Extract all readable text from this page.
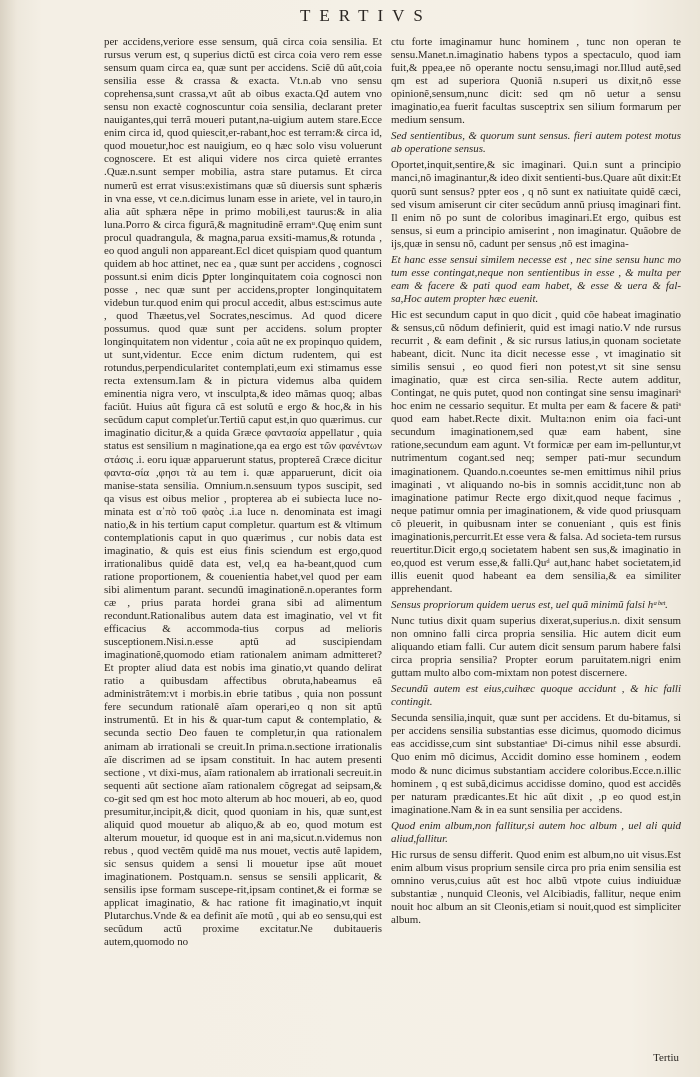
TERTIVS

per accidens,veriore esse sensum, quã circa coia sensilia. Et rursus verum est, q superius dictũ est circa coia vero rem esse sensum quam circa ea, quæ sunt per accidens. Sciẽ dũ aũt,coia sensilia esse & crassa & exacta. Vt.n.ab vno sensu coprehensa,sunt crassa,vt aũt ab oibus exacta.Qđ autem vno sensu non exactè cognoscuntur coia sensilia, declarant preter nauigantes,qui terrã moueri putant,na-uigium autem stare.Ecce enim circa id, quod quiescit,er-rabant,hoc est terram:& circa id, quod mouetur,hoc est nauigium, eo q hæc solo visu voluerunt cognoscere. Et est aliqui videre nos circa quietè errantes .Quæ.n.sunt semper mobilia, astra stare putamus. Et circa numerũ est errat visus:existimans quæ sũ diuersis sunt sphæris in vna esse, vt ce.n.dicimus lunam esse in ariete, vel in tauro,in alia aũt sphæra nẽpe in primo mobili,est taurus:& in alia luna.Porro & circa figurã,& magnitudinẽ erramᵘ.Quę enim sunt procul quadrangula, & magna,parua exsiti-mamus,& rotunda , eo quod anguli non appareant.Ecl dicet quispiam quod quantum quidem ab hoc attinet, nec ea , quæ sunt per accidens , cognosci possunt.si enim dicis ꝑpter longinquitatem coia cognosci non posse , nec quæ sunt per accidens,propter longinquitatem videbun tur.quod enim qui procul accedit, albus est:scimus aute , quod Thæetus,vel Socrates,nescimus. Ad quod dicere possumus. quod quæ sunt per accidens. solum propter longinquitatem non videntur , coia aũt ne ex propinquo quidem, ut sunt,videntur. Ecce enim dictum rudentem, qui est rotundus,perpendicularitet contemplati,eum exi stimamus esse recta extensum.Iam & in pictura videmus alba quidem eminentia nigra vero, vt insculpta,& ideo mãmas quoq; albas faciũt. Huius aũt figura cã est solutũ e ergo & hoc,& in his secũdum caput compleťur.Tertiũ caput est,in quo quærimus. cur imaginatio dicitur,& a quida Græce φαντασία appellatur , quia status est sensilium n maginatione,qa ea ergo est τῶν φανέντων στάσις .i. eoru iquæ apparuerunt status, proptereã Cræce dicitur φαντα-σία ,φησι τὰ au tem i. quæ apparuerunt, dicit oia manise-stata sensilia. Omnium.n.sensuum typos suscipit, sed qa visus est oibus melior , propterea ab ei subiecta luce no-minata est α᾽πὸ τοῦ φαὸς .i.a luce n. denominata est imagi natio,& in his tertium caput completur. quartum est & vltimum contemplationis caput in quo quærimus , cur nobis data est imaginatio, & quis est eius finis sciendum est ergo,quod irrationalibus quidẽ data est, vel,q ea ha-beant,quod cum ratione proportionem, & couenientia habet,vel quod per eam sibi alimentum parant. secundũ imaginationẽ.n.operantes form cæ , prius parata hordei grana sibi ad alimentum recondunt.Rationalibus autem data est imaginatio, vel vt fit efficacius & accommoda-tius corpus ad melioris susceptionem.Nisi.n.esse aptũ ad suscipiendam imaginationẽ,quomodo etiam rationalem animam admitteret? Et propter aliud data est nobis ima ginatio,vt quando delirat ratio a quibusdam affectibus obruta,habeamus eã administrãtem:vt i morbis.in ebrie tatibus , quia non possunt fere secundum rationalẽ aĩam operari,eo q non sit aptũ instrumentũ. Et in his & quar-tum caput & contemplatio, & secunda sectio Deo fauen te completur,in qua rationalem animam ab irrationali se creuit.In prima.n.sectione irrationalis aĩe discrimen ad se ipsam constituit. In hac autem presenti sectione , vt dixi-mus, aĩam rationalem ab irrationali secreuit.in sequenti aũt sectione aĩam rationalem cõgregat ad seipsam,& co-git sed qm est hoc moto alterum ab hoc moueri, ab eo, quod presumitur,incipit,& dicit, quod quoniam in his, quæ sunt,est aliquid quod mouetur ab aliquo,& ab eo, quod motum est alterum mouetur, id quoque est in ani ma,sicut.n.videmus non rebus , quod vectẽm quidẽ ma nus mouet, vectis autẽ lapidem, sic sensus quidem a sensi li mouetur ipse aũt mouet imaginationem. Postquam.n. sensus se sensili applicarit, & sensilis ipse formam suscepe-rit,ipsam continet,& ei formæ se applicat imaginatio, & hac ratione fit imaginatio,vt inquit Plutarchus.Vnde & ea definit aĩe motũ , qui ab eo sensu,qui est secũdum actũ proxime excitatur.Ne dubitaueris autem,quomodo no

ctu forte imaginamur hunc hominem , tunc non operan te sensu.Manet.n.imaginatio habens typos a spectaculo, quod iam fuit,& ppea,ee nõ operante noctu sensu,imagi nor.Illud autẽ,sed qm est ad superiora Quoniã n.superi us dixit,nõ esse opinionẽ,sensum,nunc dicit: sed qm nõ uetur a sensu imaginatio,ea fuerit facultas susceptrix sen silium formarum per medium sensum.

Sed sentientibus, & quorum sunt sensus. fieri autem potest motus ab operatione sensus.

Oportet,inquit,sentire,& sic imaginari. Qui.n sunt a principio manci,nõ imaginantur,& ideo dixit sentienti-bus.Quare aũt dixit:Et quorũ sunt sensus? ppter eos , q nõ sunt ex natiuitate quidẽ cæci, sed visum amiserunt cir citer secũdum annũ priusq imaginari fint. Il enim nõ po sunt de coloribus imaginari.Et ergo, quibus est sensus, si eum a principio amiserint , non imaginatur. Quãobre de ijs,quæ in sensu nõ, cadunt per sensus ,nõ est imagina-

Et hanc esse sensui similem necesse est , nec sine sensu hunc mo tum esse contingat,neque non sentientibus in esse , & multa per eam & facere & pati quod eam habet, & esse & uera & fal-sa,Hoc autem propter hæc euenit.

Hic est secundum caput in quo dicit , quid cõe habeat imaginatio & sensus,cũ nõdum definierit, quid est imagi natio.V nde rursus recurrit , & eam definit , & sic rursus latius,in quonam societate habeant, dicit. Nunc ita dicit necesse esse , vt imaginatio sit similis sensui , eo quod fieri non potest,vt sit sine sensu imaginatio, quæ est circa sen-silia. Recte autem additur, Contingat, ne quis putet, quod non contingat sine sensu imaginariˢ hoc enim ne cessario sequitur. Et multa per eam & facere & patiˢ quod eam habet.Recte dixit. Multa:non enim oia faci-unt secundum imaginationem,sed quæ eam habent, sine ratione,secundum eam agunt. Vt formicæ per eam im-pelluntur,vt nutrimentum cogant.sed neq; semper pati-mur secundum imaginationem. Quando.n.coeuntes se-men emittimus nihil prius imaginati , vt aliquando no-bis in somnis accidit,tunc non ab imaginatione patimur Recte ergo dixit,quod neque facimus , neque patimur omnia per imaginationem, & vide quod priusquam cõ pleuerit, in quibusnam inter se conueniant , quis est finis imaginationis,percurrit.Et esse vera & falsa. Ad societa-tem rursus reuertitur.Dicit ergo,q societatem habent sen sus,& imaginatio in eo,quod est verum esse,& falli.Quᵈ aut,hanc habet societatem,id illis euenit quod habeant ea dem sensilia,& ea similiter apprehendant.

Sensus propriorum quidem uerus est, uel quã minimũ falsi hᵃᵇᵉᵗ.

Nunc tutius dixit quam superius dixerat,superius.n. dixit sensum non omnino falli circa propria sensilia. Hic autem dicit eum aliquando etiam falli. Cur autem dicit sensum parum habere falsi circa propria sensilia? Propter eorum paruitatem.nigri enim guttam multo albo com-mixtam non potest discernere.

Secundũ autem est eius,cuihæc quoque accidunt , & hic falli contingit.

Secunda sensilia,inquit, quæ sunt per accidens. Et du-bitamus, si per accidens sensilia substantias esse dicimus, quomodo dicimus eas accidisse,cum sint substantiaeˢ Di-cimus nihil esse absurdi. Quo enim mõ dicimus, Accidit domino esse hominem , eodem modo & nunc dicimus substantiam accidere coloribus.Ecce.n.illic hominem , q est subã,dicimus accidisse domino, quod est accidẽs per naturam prædicantes.Et hic aũt dixit , ,p eo quod est,in imaginatione.Nam & in ea sunt sensilia per accidens.

Quod enim album,non fallitur,si autem hoc album , uel ali quid aliud,fallitur.

Hic rursus de sensu differit. Quod enim est album,no uit visus.Est enim album visus proprium sensile circa pro pria enim sensilia est omnino verus,cuius aũt est hoc albũ vtpote cuius indiuiduæ substantiæ , nunquid Cleonis, vel Alcibiadis, fallitur, neque enim nouit hoc album an sit Cleonis,etiam si nouit,quod est simpliciter album.

Tertiu
